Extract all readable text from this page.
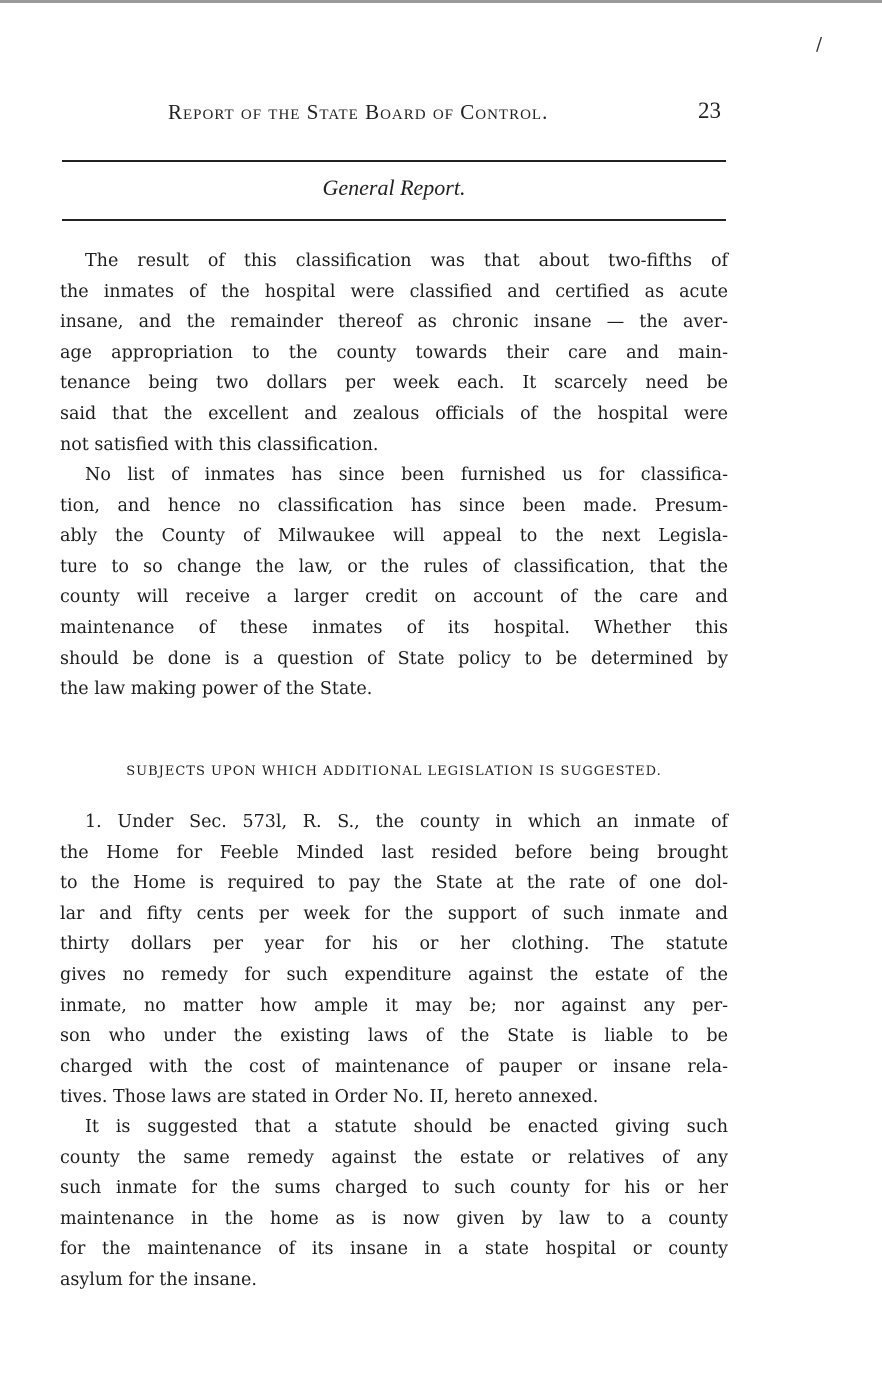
/
Report of the State Board of Control.	23
General Report.
The result of this classification was that about two-fifths of
the inmates of the hospital were classified and certified as acute
insane, and the remainder thereof as chronic insane — the aver-
age appropriation to the county towards their care and main-
tenance being two dollars per week each. It scarcely need be
said that the excellent and zealous officials of the hospital were
not satisfied with this classification.
No list of inmates has since been furnished us for classifica-
tion, and hence no classification has since been made. Presum-
ably the County of Milwaukee will appeal to the next Legisla-
ture to so change the law, or the rules of classification, that the
county will receive a larger credit on account of the care and
maintenance of these inmates of its hospital. Whether this
should be done is a question of State policy to be determined by
the law making power of the State.
SUBJECTS UPON WHICH ADDITIONAL LEGISLATION IS SUGGESTED.
1. Under Sec. 573l, R. S., the county in which an inmate of
the Home for Feeble Minded last resided before being brought
to the Home is required to pay the State at the rate of one dol-
lar and fifty cents per week for the support of such inmate and
thirty dollars per year for his or her clothing. The statute
gives no remedy for such expenditure against the estate of the
inmate, no matter how ample it may be; nor against any per-
son who under the existing laws of the State is liable to be
charged with the cost of maintenance of pauper or insane rela-
tives. Those laws are stated in Order No. II, hereto annexed.
It is suggested that a statute should be enacted giving such
county the same remedy against the estate or relatives of any
such inmate for the sums charged to such county for his or her
maintenance in the home as is now given by law to a county
for the maintenance of its insane in a state hospital or county
asylum for the insane.
